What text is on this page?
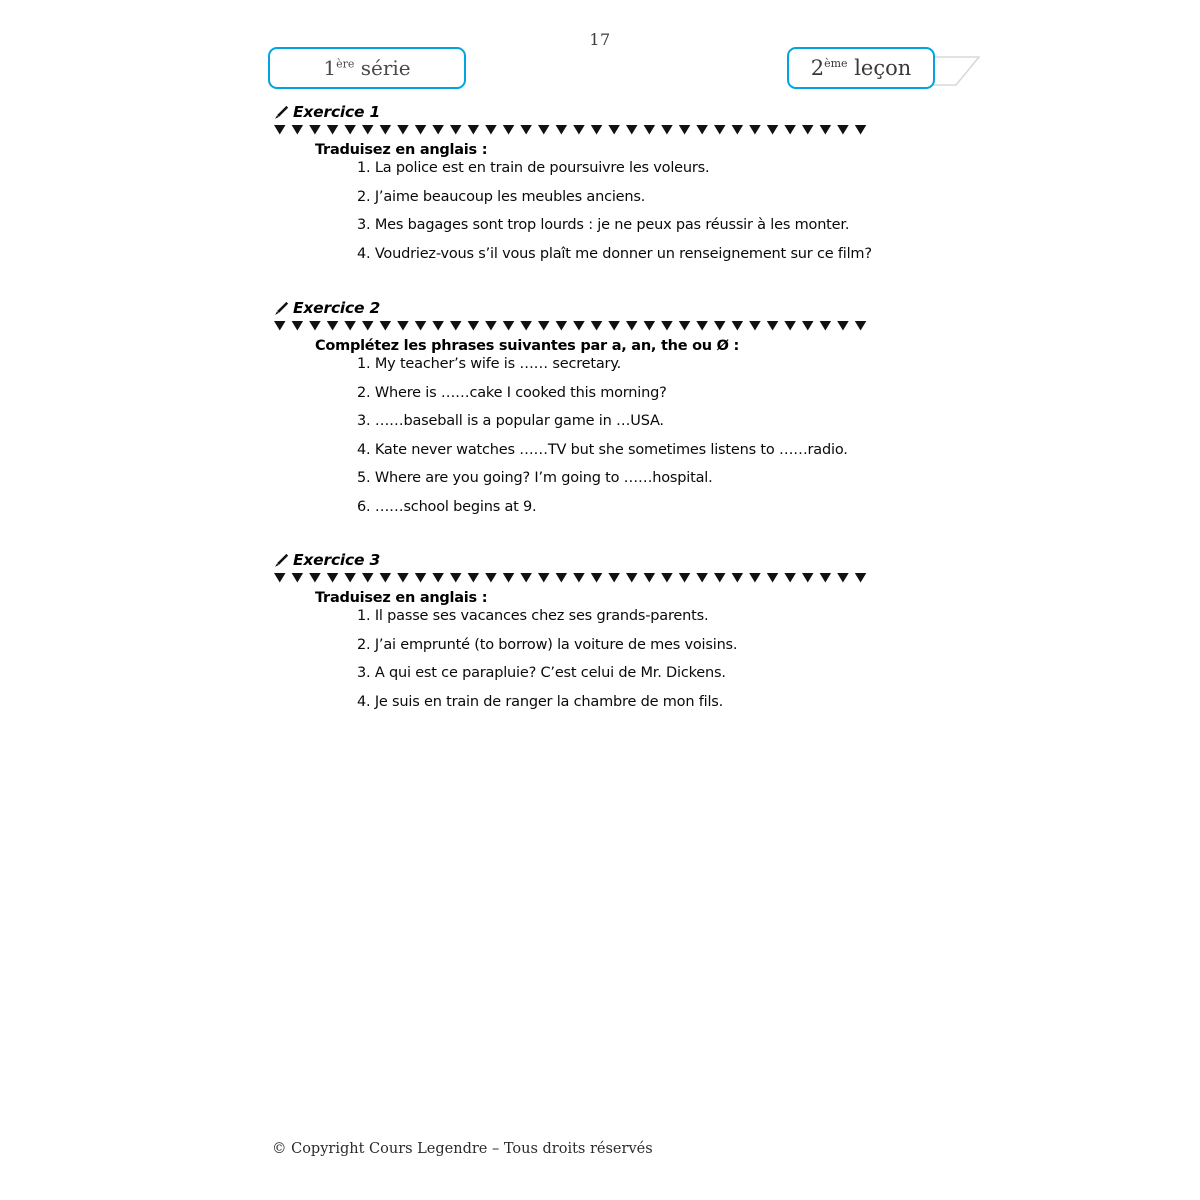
17
1ère série	2ème leçon
Exercice 1
Traduisez en anglais :
1. La police est en train de poursuivre les voleurs.
2. J’aime beaucoup les meubles anciens.
3. Mes bagages sont trop lourds : je ne peux pas réussir à les monter.
4. Voudriez-vous s’il vous plaît me donner un renseignement sur ce film?
Exercice 2
Complétez les phrases suivantes par a, an, the ou Ø :
1. My teacher’s wife is …… secretary.
2. Where is ……cake I cooked this morning?
3. ……baseball is a popular game in …USA.
4. Kate never watches ……TV but she sometimes listens to ……radio.
5. Where are you going? I’m going to ……hospital.
6. ……school begins at 9.
Exercice 3
Traduisez en anglais :
1. Il passe ses vacances chez ses grands-parents.
2. J’ai emprunté (to borrow) la voiture de mes voisins.
3. A qui est ce parapluie? C’est celui de Mr. Dickens.
4. Je suis en train de ranger la chambre de mon fils.
© Copyright Cours Legendre – Tous droits réservés
